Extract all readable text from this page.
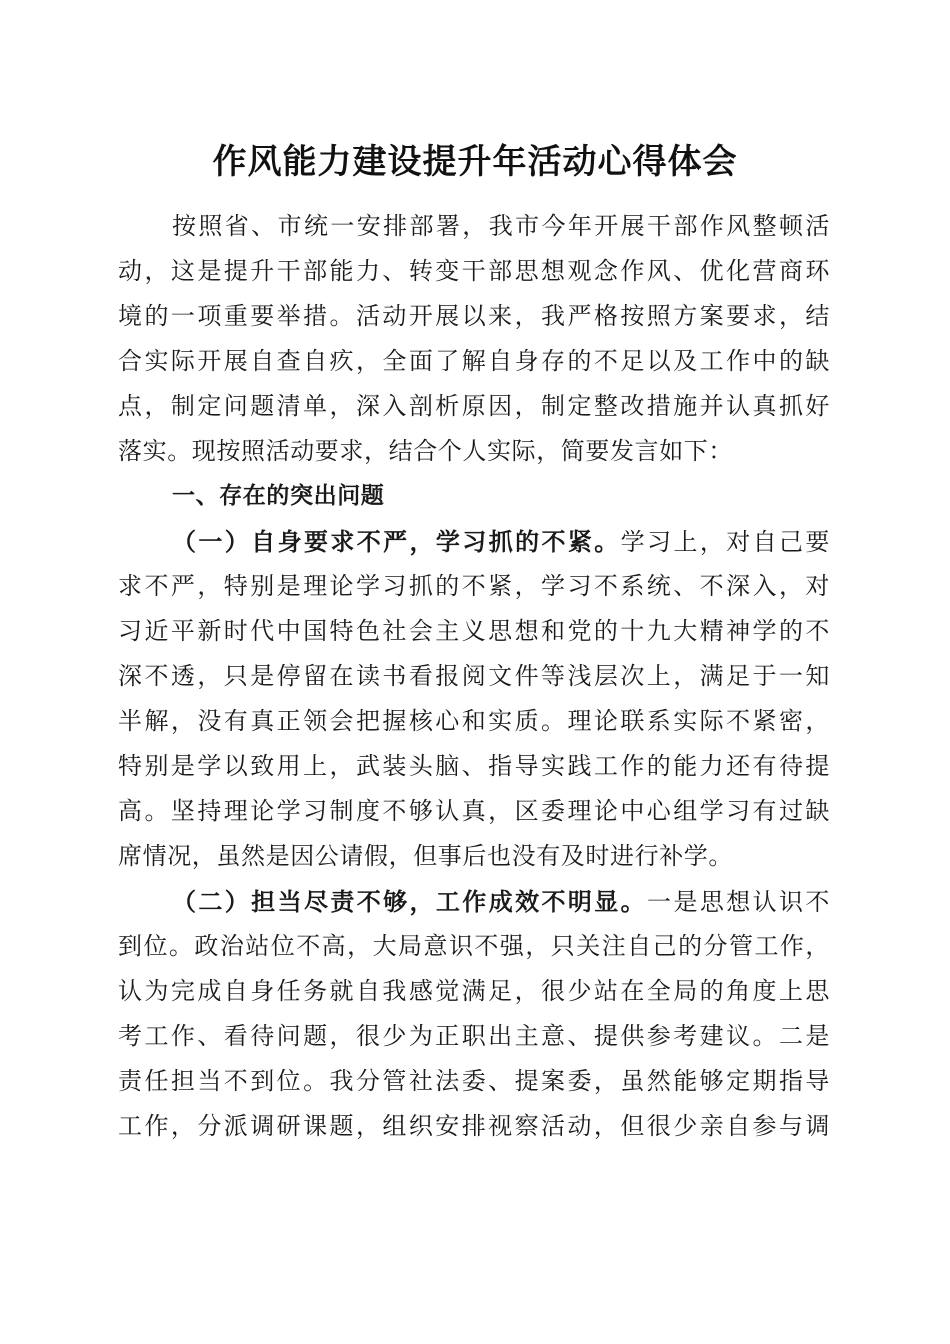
作风能力建设提升年活动心得体会
按照省、市统一安排部署，我市今年开展干部作风整顿活
动，这是提升干部能力、转变干部思想观念作风、优化营商环
境的一项重要举措。活动开展以来，我严格按照方案要求，结
合实际开展自查自疚，全面了解自身存的不足以及工作中的缺
点，制定问题清单，深入剖析原因，制定整改措施并认真抓好
落实。现按照活动要求，结合个人实际，简要发言如下：
一、存在的突出问题
（一）自身要求不严，学习抓的不紧。学习上，对自己要
求不严，特别是理论学习抓的不紧，学习不系统、不深入，对
习近平新时代中国特色社会主义思想和党的十九大精神学的不
深不透，只是停留在读书看报阅文件等浅层次上，满足于一知
半解，没有真正领会把握核心和实质。理论联系实际不紧密，
特别是学以致用上，武装头脑、指导实践工作的能力还有待提
高。坚持理论学习制度不够认真，区委理论中心组学习有过缺
席情况，虽然是因公请假，但事后也没有及时进行补学。
（二）担当尽责不够，工作成效不明显。一是思想认识不
到位。政治站位不高，大局意识不强，只关注自己的分管工作，
认为完成自身任务就自我感觉满足，很少站在全局的角度上思
考工作、看待问题，很少为正职出主意、提供参考建议。二是
责任担当不到位。我分管社法委、提案委，虽然能够定期指导
工作，分派调研课题，组织安排视察活动，但很少亲自参与调
